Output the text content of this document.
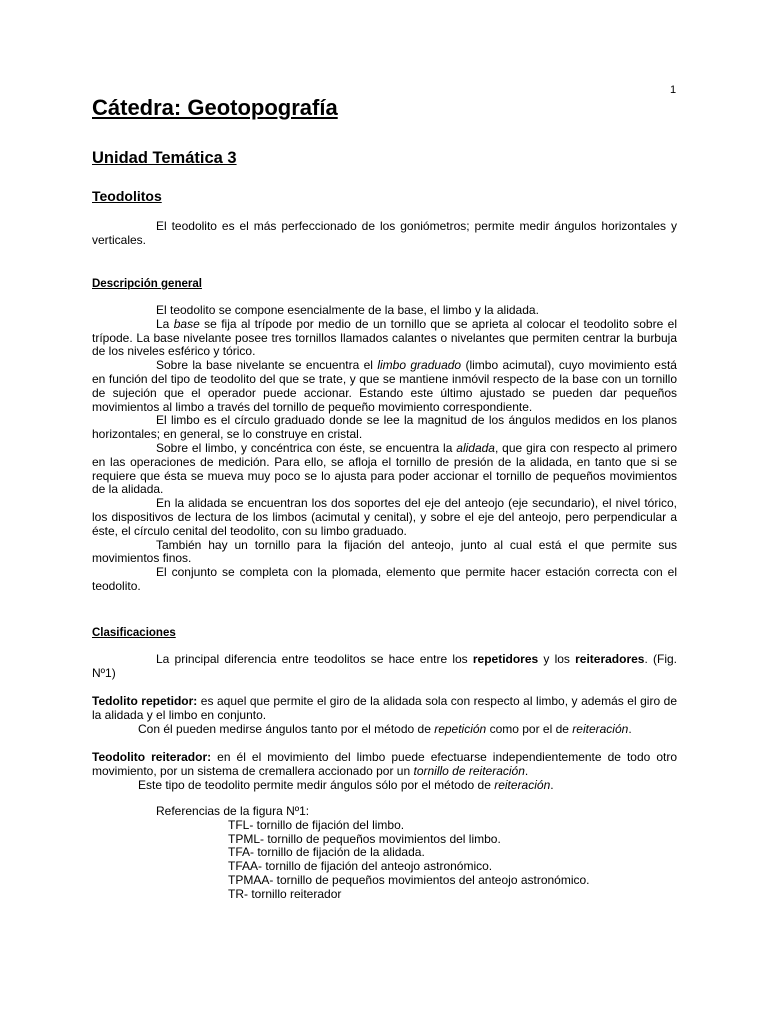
1
Cátedra: Geotopografía
Unidad Temática 3
Teodolitos

El teodolito es el más perfeccionado de los goniómetros; permite medir ángulos horizontales y verticales.

Descripción general

El teodolito se compone esencialmente de la base, el limbo y la alidada.

La base se fija al trípode por medio de un tornillo que se aprieta al colocar el teodolito sobre el trípode. La base nivelante posee tres tornillos llamados calantes o nivelantes que permiten centrar la burbuja de los niveles esférico y tórico.

Sobre la base nivelante se encuentra el limbo graduado (limbo acimutal), cuyo movimiento está en función del tipo de teodolito del que se trate, y que se mantiene inmóvil respecto de la base con un tornillo de sujeción que el operador puede accionar. Estando este último ajustado se pueden dar pequeños movimientos al limbo a través del tornillo de pequeño movimiento correspondiente.

El limbo es el círculo graduado donde se lee la magnitud de los ángulos medidos en los planos horizontales; en general, se lo construye en cristal.

Sobre el limbo, y concéntrica con éste, se encuentra la alidada, que gira con respecto al primero en las operaciones de medición. Para ello, se afloja el tornillo de presión de la alidada, en tanto que si se requiere que ésta se mueva muy poco se lo ajusta para poder accionar el tornillo de pequeños movimientos de la alidada.

En la alidada se encuentran los dos soportes del eje del anteojo (eje secundario), el nivel tórico, los dispositivos de lectura de los limbos (acimutal y cenital), y sobre el eje del anteojo, pero perpendicular a éste, el círculo cenital del teodolito, con su limbo graduado.

También hay un tornillo para la fijación del anteojo, junto al cual está el que permite sus movimientos finos.

El conjunto se completa con la plomada, elemento que permite hacer estación correcta con el teodolito.

Clasificaciones

La principal diferencia entre teodolitos se hace entre los repetidores y los reiteradores. (Fig. Nº1)

Tedolito repetidor: es aquel que permite el giro de la alidada sola con respecto al limbo, y además el giro de la alidada y el limbo en conjunto.

Con él pueden medirse ángulos tanto por el método de repetición como por el de reiteración.

Teodolito reiterador: en él el movimiento del limbo puede efectuarse independientemente de todo otro movimiento, por un sistema de cremallera accionado por un tornillo de reiteración.

Este tipo de teodolito permite medir ángulos sólo por el método de reiteración.

Referencias de la figura Nº1:
TFL- tornillo de fijación del limbo.
TPML- tornillo de pequeños movimientos del limbo.
TFA- tornillo de fijación de la alidada.
TFAA- tornillo de fijación del anteojo astronómico.
TPMAA- tornillo de pequeños movimientos del anteojo astronómico.
TR- tornillo reiterador
